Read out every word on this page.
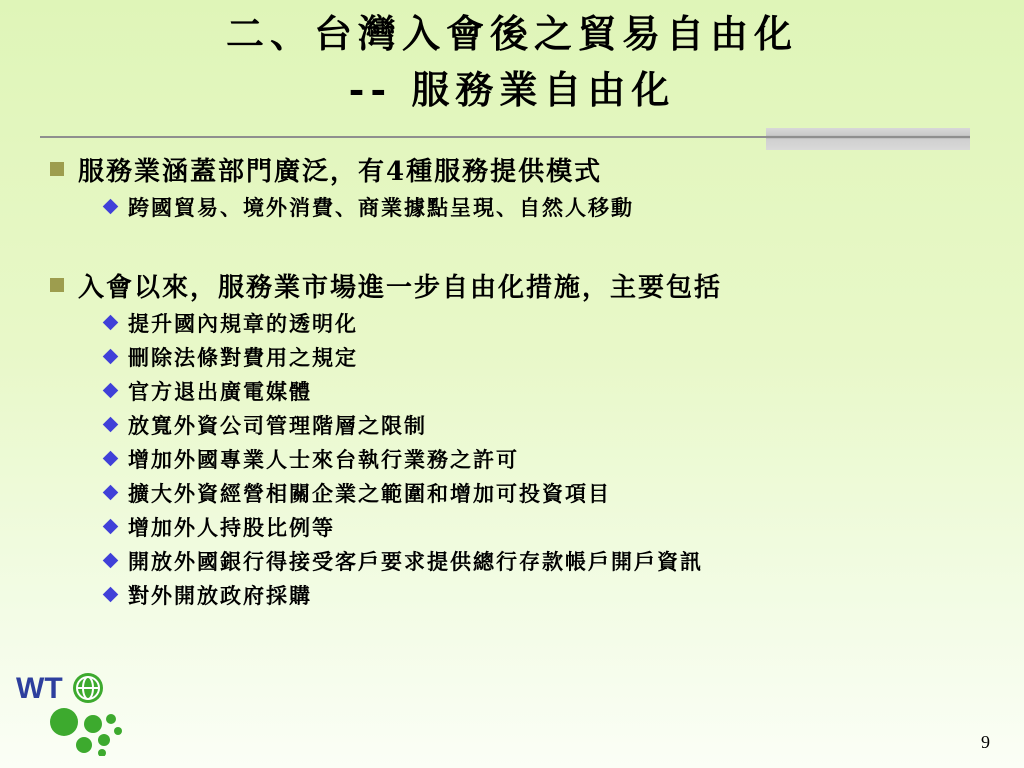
二、台灣入會後之貿易自由化
-- 服務業自由化
服務業涵蓋部門廣泛，有4種服務提供模式
跨國貿易、境外消費、商業據點呈現、自然人移動
入會以來，服務業市場進一步自由化措施，主要包括
提升國內規章的透明化
刪除法條對費用之規定
官方退出廣電媒體
放寬外資公司管理階層之限制
增加外國專業人士來台執行業務之許可
擴大外資經營相關企業之範圍和增加可投資項目
增加外人持股比例等
開放外國銀行得接受客戶要求提供總行存款帳戶開戶資訊
對外開放政府採購
WT
9
